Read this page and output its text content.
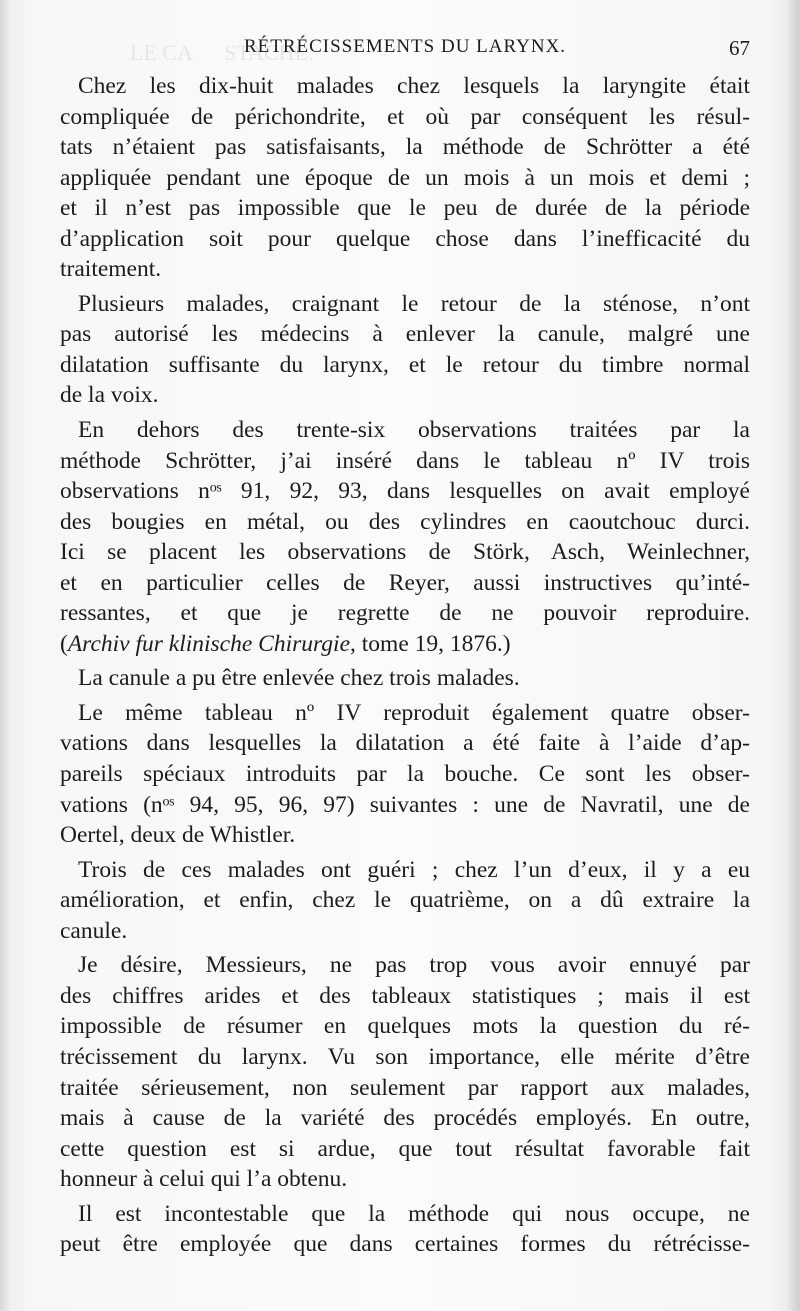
LE CA                 STACHE.
RÉTRÉCISSEMENTS DU LARYNX.	67
Chez les dix-huit malades chez lesquels la laryngite était
compliquée de périchondrite, et où par conséquent les résul-
tats n’étaient pas satisfaisants, la méthode de Schrötter a été
appliquée pendant une époque de un mois à un mois et demi ;
et il n’est pas impossible que le peu de durée de la période
d’application soit pour quelque chose dans l’inefficacité du
traitement.
Plusieurs malades, craignant le retour de la sténose, n’ont
pas autorisé les médecins à enlever la canule, malgré une
dilatation suffisante du larynx, et le retour du timbre normal
de la voix.
En dehors des trente-six observations traitées par la
méthode Schrötter, j’ai inséré dans le tableau nº IV trois
observations nᵒˢ 91, 92, 93, dans lesquelles on avait employé
des bougies en métal, ou des cylindres en caoutchouc durci.
Ici se placent les observations de Störk, Asch, Weinlechner,
et en particulier celles de Reyer, aussi instructives qu’inté-
ressantes, et que je regrette de ne pouvoir reproduire.
(Archiv fur klinische Chirurgie, tome 19, 1876.)
La canule a pu être enlevée chez trois malades.
Le même tableau nº IV reproduit également quatre obser-
vations dans lesquelles la dilatation a été faite à l’aide d’ap-
pareils spéciaux introduits par la bouche. Ce sont les obser-
vations (nᵒˢ 94, 95, 96, 97) suivantes : une de Navratil, une de
Oertel, deux de Whistler.
Trois de ces malades ont guéri ; chez l’un d’eux, il y a eu
amélioration, et enfin, chez le quatrième, on a dû extraire la
canule.
Je désire, Messieurs, ne pas trop vous avoir ennuyé par
des chiffres arides et des tableaux statistiques ; mais il est
impossible de résumer en quelques mots la question du ré-
trécissement du larynx. Vu son importance, elle mérite d’être
traitée sérieusement, non seulement par rapport aux malades,
mais à cause de la variété des procédés employés. En outre,
cette question est si ardue, que tout résultat favorable fait
honneur à celui qui l’a obtenu.
Il est incontestable que la méthode qui nous occupe, ne
peut être employée que dans certaines formes du rétrécisse-
